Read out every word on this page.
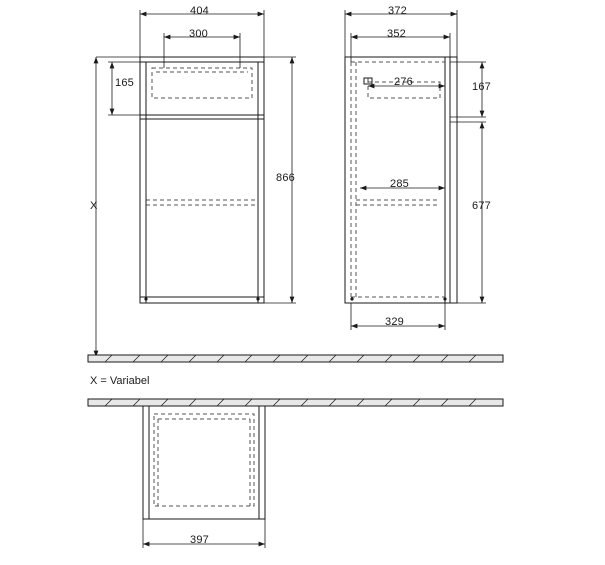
404
300
165
866
X
372
352
276	167
285
677
329
X = Variabel
397
